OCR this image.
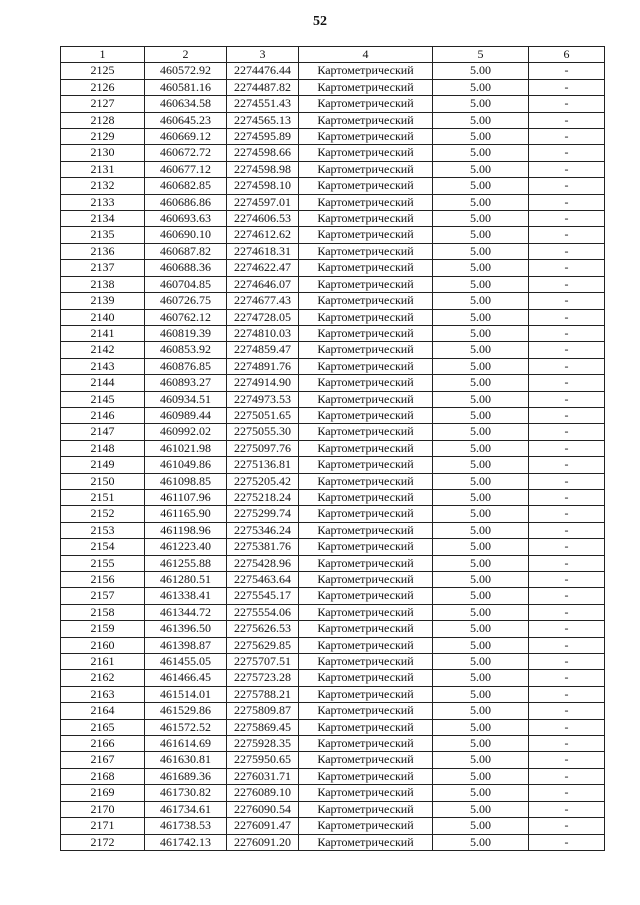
52
1	2	3	4	5	6
2125	460572.92	2274476.44	Картометрический	5.00	-
2126	460581.16	2274487.82	Картометрический	5.00	-
2127	460634.58	2274551.43	Картометрический	5.00	-
2128	460645.23	2274565.13	Картометрический	5.00	-
2129	460669.12	2274595.89	Картометрический	5.00	-
2130	460672.72	2274598.66	Картометрический	5.00	-
2131	460677.12	2274598.98	Картометрический	5.00	-
2132	460682.85	2274598.10	Картометрический	5.00	-
2133	460686.86	2274597.01	Картометрический	5.00	-
2134	460693.63	2274606.53	Картометрический	5.00	-
2135	460690.10	2274612.62	Картометрический	5.00	-
2136	460687.82	2274618.31	Картометрический	5.00	-
2137	460688.36	2274622.47	Картометрический	5.00	-
2138	460704.85	2274646.07	Картометрический	5.00	-
2139	460726.75	2274677.43	Картометрический	5.00	-
2140	460762.12	2274728.05	Картометрический	5.00	-
2141	460819.39	2274810.03	Картометрический	5.00	-
2142	460853.92	2274859.47	Картометрический	5.00	-
2143	460876.85	2274891.76	Картометрический	5.00	-
2144	460893.27	2274914.90	Картометрический	5.00	-
2145	460934.51	2274973.53	Картометрический	5.00	-
2146	460989.44	2275051.65	Картометрический	5.00	-
2147	460992.02	2275055.30	Картометрический	5.00	-
2148	461021.98	2275097.76	Картометрический	5.00	-
2149	461049.86	2275136.81	Картометрический	5.00	-
2150	461098.85	2275205.42	Картометрический	5.00	-
2151	461107.96	2275218.24	Картометрический	5.00	-
2152	461165.90	2275299.74	Картометрический	5.00	-
2153	461198.96	2275346.24	Картометрический	5.00	-
2154	461223.40	2275381.76	Картометрический	5.00	-
2155	461255.88	2275428.96	Картометрический	5.00	-
2156	461280.51	2275463.64	Картометрический	5.00	-
2157	461338.41	2275545.17	Картометрический	5.00	-
2158	461344.72	2275554.06	Картометрический	5.00	-
2159	461396.50	2275626.53	Картометрический	5.00	-
2160	461398.87	2275629.85	Картометрический	5.00	-
2161	461455.05	2275707.51	Картометрический	5.00	-
2162	461466.45	2275723.28	Картометрический	5.00	-
2163	461514.01	2275788.21	Картометрический	5.00	-
2164	461529.86	2275809.87	Картометрический	5.00	-
2165	461572.52	2275869.45	Картометрический	5.00	-
2166	461614.69	2275928.35	Картометрический	5.00	-
2167	461630.81	2275950.65	Картометрический	5.00	-
2168	461689.36	2276031.71	Картометрический	5.00	-
2169	461730.82	2276089.10	Картометрический	5.00	-
2170	461734.61	2276090.54	Картометрический	5.00	-
2171	461738.53	2276091.47	Картометрический	5.00	-
2172	461742.13	2276091.20	Картометрический	5.00	-
